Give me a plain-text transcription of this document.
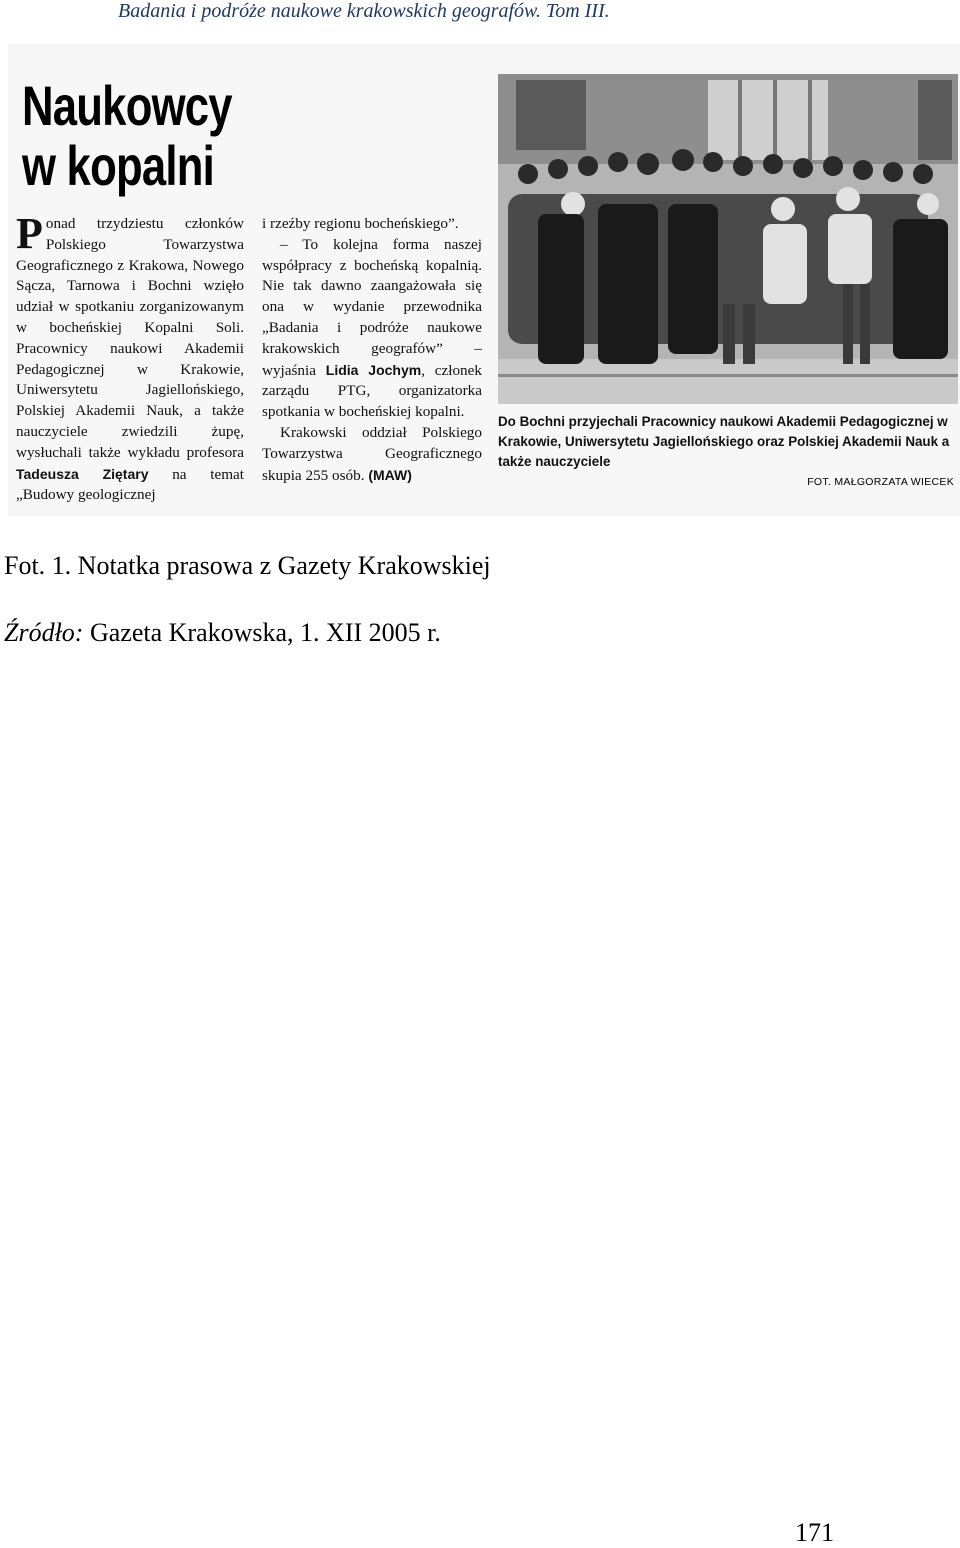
Badania i podróże naukowe krakowskich geografów. Tom III.
Naukowcy
w kopalni

Ponad trzydziestu członków Polskiego Towarzystwa Geograficznego z Krakowa, Nowego Sącza, Tarnowa i Bochni wzięło udział w spotkaniu zorganizowanym w bocheńskiej Kopalni Soli. Pracownicy naukowi Akademii Pedagogicznej w Krakowie, Uniwersytetu Jagiellońskiego, Polskiej Akademii Nauk, a także nauczyciele zwiedzili żupę, wysłuchali także wykładu profesora Tadeusza Ziętary na temat „Budowy geologicznej

i rzeźby regionu bocheńskiego”.

– To kolejna forma naszej współpracy z bocheńską kopalnią. Nie tak dawno zaangażowała się ona w wydanie przewodnika „Badania i podróże naukowe krakowskich geografów” – wyjaśnia Lidia Jochym, członek zarządu PTG, organizatorka spotkania w bocheńskiej kopalni.

Krakowski oddział Polskiego Towarzystwa Geograficznego skupia 255 osób. (MAW)

Do Bochni przyjechali Pracownicy naukowi Akademii Pedagogicznej w Krakowie, Uniwersytetu Jagiellońskiego oraz Polskiej Akademii Nauk a także nauczyciele
FOT. MAŁGORZATA WIECEK
Fot. 1. Notatka prasowa z Gazety Krakowskiej
Źródło: Gazeta Krakowska, 1. XII 2005 r.
171
